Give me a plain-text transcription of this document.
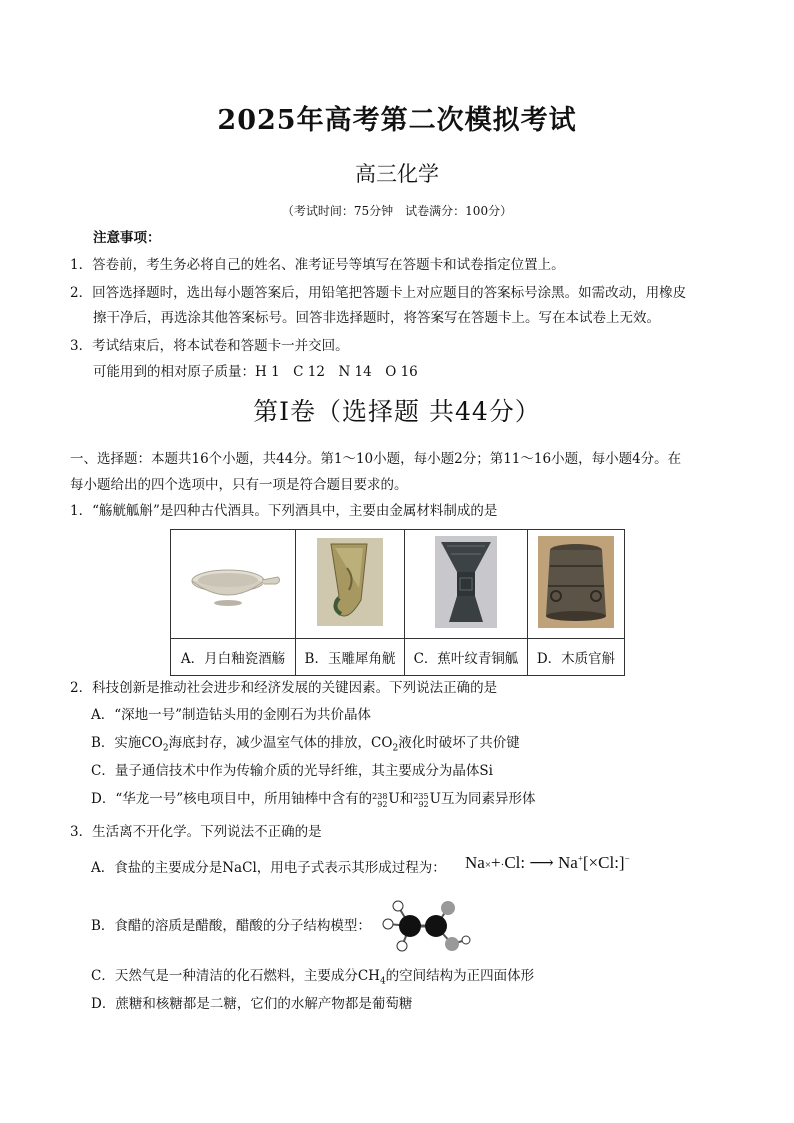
2025年高考第二次模拟考试
高三化学
（考试时间：75分钟　试卷满分：100分）
注意事项：
1．答卷前，考生务必将自己的姓名、准考证号等填写在答题卡和试卷指定位置上。
2．回答选择题时，选出每小题答案后，用铅笔把答题卡上对应题目的答案标号涂黑。如需改动，用橡皮
擦干净后，再选涂其他答案标号。回答非选择题时，将答案写在答题卡上。写在本试卷上无效。
3．考试结束后，将本试卷和答题卡一并交回。
可能用到的相对原子质量：H 1　C 12　N 14　O 16
第Ⅰ卷（选择题 共44分）
一、选择题：本题共16个小题，共44分。第1～10小题，每小题2分；第11～16小题，每小题4分。在
每小题给出的四个选项中，只有一项是符合题目要求的。
1．“觞觥觚斛”是四种古代酒具。下列酒具中，主要由金属材料制成的是

A．月白釉瓷酒觞	B．玉雕犀角觥	C．蕉叶纹青铜觚	D．木质官斛
2．科技创新是推动社会进步和经济发展的关键因素。下列说法正确的是
A．“深地一号”制造钻头用的金刚石为共价晶体
B．实施$CO_2$海底封存，减少温室气体的排放，$CO_2$液化时破坏了共价键
C．量子通信技术中作为传输介质的光导纤维，其主要成分为晶体Si
D．“华龙一号”核电项目中，所用铀棒中含有的238
92U和235
92U互为同素异形体
3．生活离不开化学。下列说法不正确的是
A．食盐的主要成分是NaCl，用电子式表示其形成过程为： Na×+·Cl: ⟶ Na+[×Cl:]−
B．食醋的溶质是醋酸，醋酸的分子结构模型：
C．天然气是一种清洁的化石燃料，主要成分$CH_4$的空间结构为正四面体形
D．蔗糖和核糖都是二糖，它们的水解产物都是葡萄糖
